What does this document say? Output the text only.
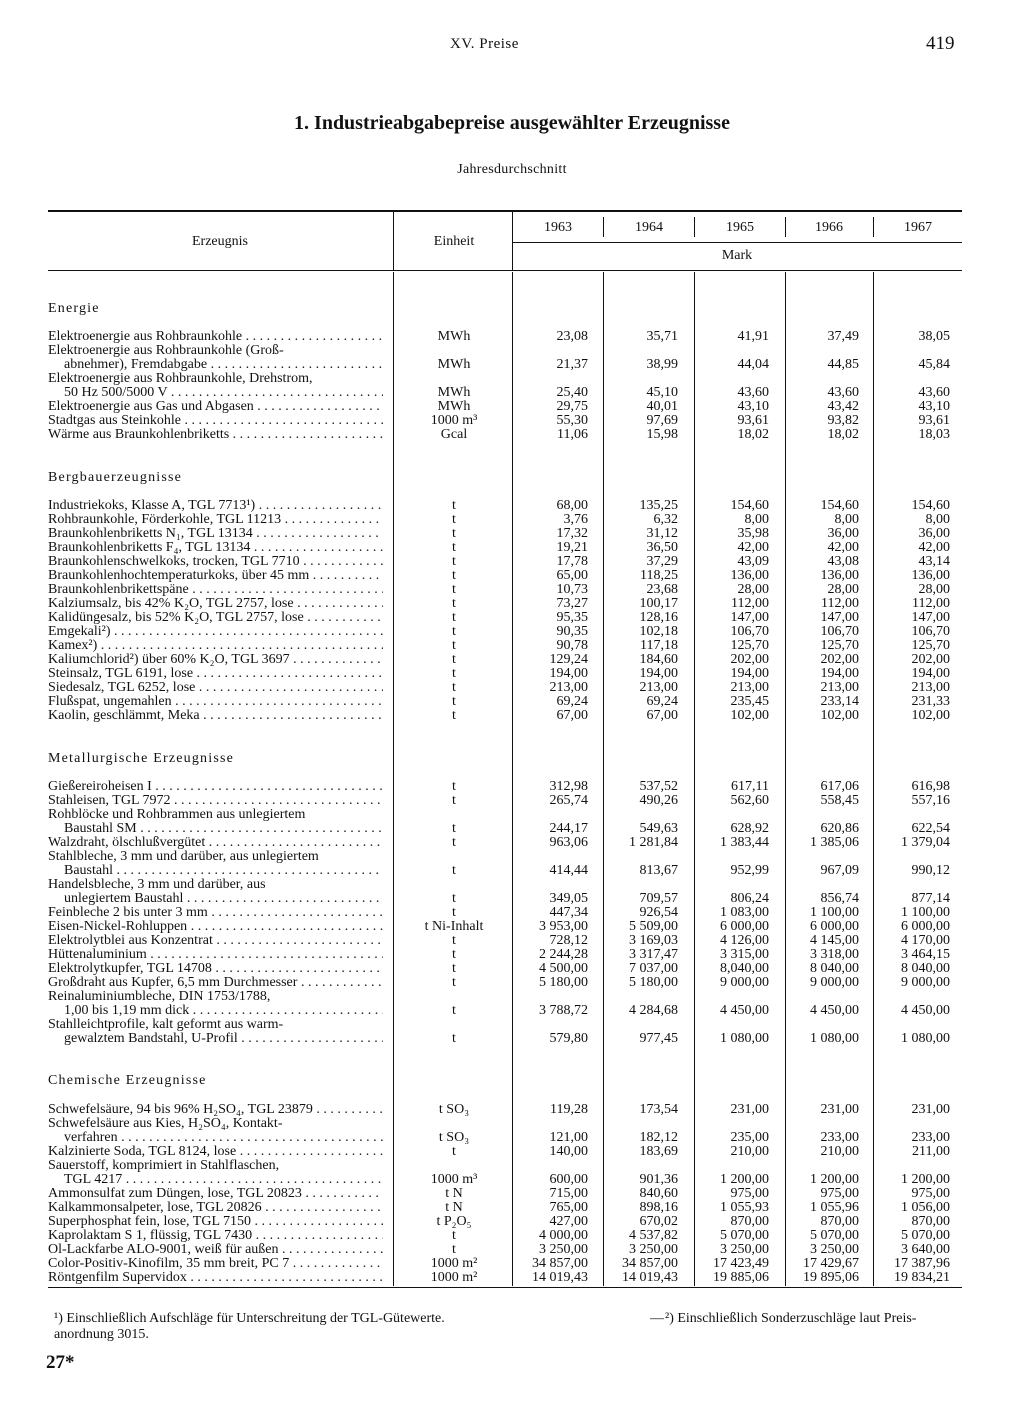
XV. Preise	419
1. Industrieabgabepreise ausgewählter Erzeugnisse
Jahresdurchschnitt
Erzeugnis	Einheit
1963	1964	1965	1966	1967
Mark
Energie
Elektroenergie aus Rohbraunkohle . . .	MWh	23,08	35,71	41,91	37,49	38,05
Elektroenergie aus Rohbraunkohle (Groß-
abnehmer), Fremdabgabe . . .	MWh	21,37	38,99	44,04	44,85	45,84
Elektroenergie aus Rohbraunkohle, Drehstrom,
50 Hz 500/5000 V . . .	MWh	25,40	45,10	43,60	43,60	43,60
Elektroenergie aus Gas und Abgasen . . .	MWh	29,75	40,01	43,10	43,42	43,10
Stadtgas aus Steinkohle . . .	1000 m³	55,30	97,69	93,61	93,82	93,61
Wärme aus Braunkohlenbriketts . . .	Gcal	11,06	15,98	18,02	18,02	18,03
Bergbauerzeugnisse
Industriekoks, Klasse A, TGL 7713¹) . . .	t	68,00	135,25	154,60	154,60	154,60
Rohbraunkohle, Förderkohle, TGL 11213 . . .	t	3,76	6,32	8,00	8,00	8,00
Braunkohlenbriketts N₁, TGL 13134 . . .	t	17,32	31,12	35,98	36,00	36,00
Braunkohlenbriketts F₄, TGL 13134 . . .	t	19,21	36,50	42,00	42,00	42,00
Braunkohlenschwelkoks, trocken, TGL 7710 . . .	t	17,78	37,29	43,09	43,08	43,14
Braunkohlenhochtemperaturkoks, über 45 mm . . .	t	65,00	118,25	136,00	136,00	136,00
Braunkohlenbrikettspäne . . .	t	10,73	23,68	28,00	28,00	28,00
Kalziumsalz, bis 42% K₂O, TGL 2757, lose . . .	t	73,27	100,17	112,00	112,00	112,00
Kalidüngesalz, bis 52% K₂O, TGL 2757, lose . . .	t	95,35	128,16	147,00	147,00	147,00
Emgekali²) . . .	t	90,35	102,18	106,70	106,70	106,70
Kamex²) . . .	t	90,78	117,18	125,70	125,70	125,70
Kaliumchlorid²) über 60% K₂O, TGL 3697 . . .	t	129,24	184,60	202,00	202,00	202,00
Steinsalz, TGL 6191, lose . . .	t	194,00	194,00	194,00	194,00	194,00
Siedesalz, TGL 6252, lose . . .	t	213,00	213,00	213,00	213,00	213,00
Flußspat, ungemahlen . . .	t	69,24	69,24	235,45	233,14	231,33
Kaolin, geschlämmt, Meka . . .	t	67,00	67,00	102,00	102,00	102,00
Metallurgische Erzeugnisse
Gießereiroheisen I . . .	t	312,98	537,52	617,11	617,06	616,98
Stahleisen, TGL 7972 . . .	t	265,74	490,26	562,60	558,45	557,16
Rohblöcke und Rohbrammen aus unlegiertem
Baustahl SM . . .	t	244,17	549,63	628,92	620,86	622,54
Walzdraht, ölschlußvergütet . . .	t	963,06	1 281,84	1 383,44	1 385,06	1 379,04
Stahlbleche, 3 mm und darüber, aus unlegiertem
Baustahl . . .	t	414,44	813,67	952,99	967,09	990,12
Handelsbleche, 3 mm und darüber, aus
unlegiertem Baustahl . . .	t	349,05	709,57	806,24	856,74	877,14
Feinbleche 2 bis unter 3 mm . . .	t	447,34	926,54	1 083,00	1 100,00	1 100,00
Eisen-Nickel-Rohluppen . . .	t Ni-Inhalt	3 953,00	5 509,00	6 000,00	6 000,00	6 000,00
Elektrolytblei aus Konzentrat . . .	t	728,12	3 169,03	4 126,00	4 145,00	4 170,00
Hüttenaluminium . . .	t	2 244,28	3 317,47	3 315,00	3 318,00	3 464,15
Elektrolytkupfer, TGL 14708 . . .	t	4 500,00	7 037,00	8,040,00	8 040,00	8 040,00
Großdraht aus Kupfer, 6,5 mm Durchmesser . . .	t	5 180,00	5 180,00	9 000,00	9 000,00	9 000,00
Reinaluminiumbleche, DIN 1753/1788,
1,00 bis 1,19 mm dick . . .	t	3 788,72	4 284,68	4 450,00	4 450,00	4 450,00
Stahlleichtprofile, kalt geformt aus warm-
gewalztem Bandstahl, U-Profil . . .	t	579,80	977,45	1 080,00	1 080,00	1 080,00
Chemische Erzeugnisse
Schwefelsäure, 94 bis 96% H₂SO₄, TGL 23879 . . .	t SO₃	119,28	173,54	231,00	231,00	231,00
Schwefelsäure aus Kies, H₂SO₄, Kontakt-
verfahren . . .	t SO₃	121,00	182,12	235,00	233,00	233,00
Kalzinierte Soda, TGL 8124, lose . . .	t	140,00	183,69	210,00	210,00	211,00
Sauerstoff, komprimiert in Stahlflaschen,
TGL 4217 . . .	1000 m³	600,00	901,36	1 200,00	1 200,00	1 200,00
Ammonsulfat zum Düngen, lose, TGL 20823 . . .	t N	715,00	840,60	975,00	975,00	975,00
Kalkammonsalpeter, lose, TGL 20826 . . .	t N	765,00	898,16	1 055,93	1 055,96	1 056,00
Superphosphat fein, lose, TGL 7150 . . .	t P₂O₅	427,00	670,02	870,00	870,00	870,00
Kaprolaktam S 1, flüssig, TGL 7430 . . .	t	4 000,00	4 537,82	5 070,00	5 070,00	5 070,00
Öl-Lackfarbe ALO-9001, weiß für außen . . .	t	3 250,00	3 250,00	3 250,00	3 250,00	3 640,00
Color-Positiv-Kinofilm, 35 mm breit, PC 7 . . .	1000 m²	34 857,00	34 857,00	17 423,49	17 429,67	17 387,96
Röntgenfilm Supervidox . . .	1000 m²	14 019,43	14 019,43	19 885,06	19 895,06	19 834,21
¹) Einschließlich Aufschläge für Unterschreitung der TGL-Gütewerte.	— ²) Einschließlich Sonderzuschläge laut Preis-
anordnung 3015.
27*
